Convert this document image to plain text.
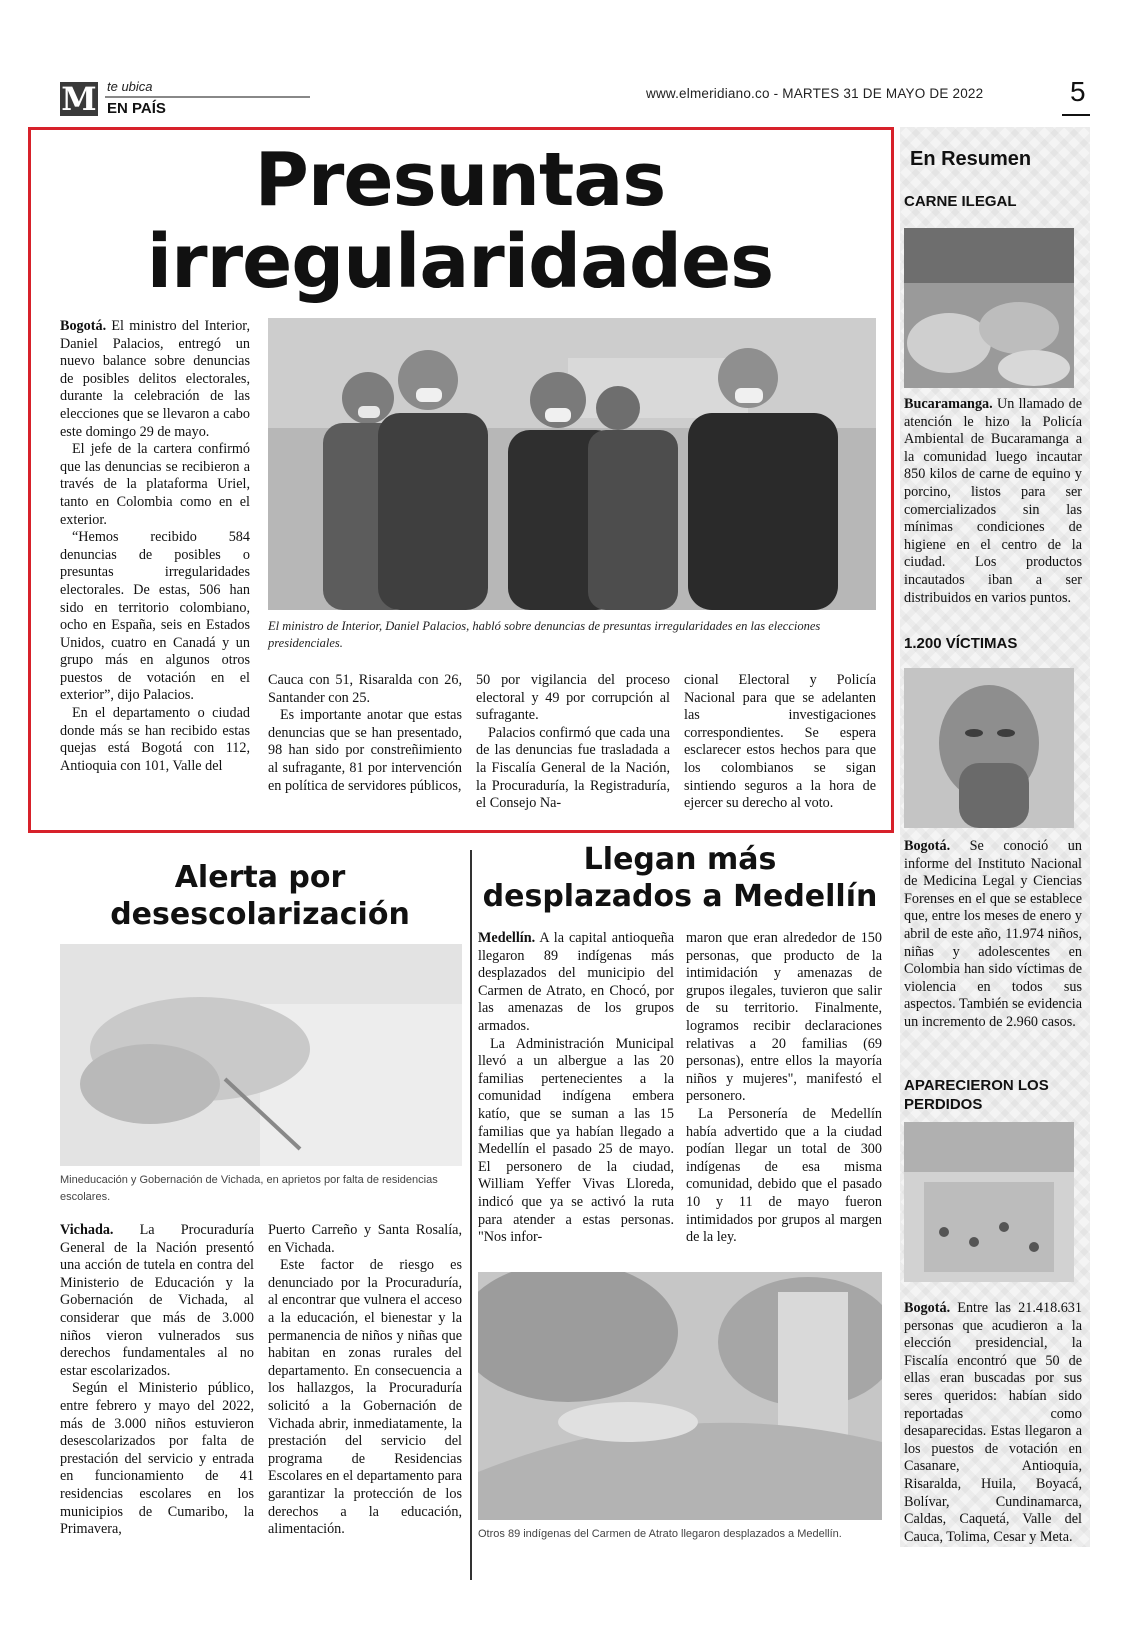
M te ubica
EN PAÍS
www.elmeridiano.co - MARTES 31 DE MAYO DE 2022	5
Presuntas
irregularidades

Bogotá. El ministro del Interior, Daniel Palacios, entregó un nuevo balance sobre denuncias de posibles delitos electorales, durante la celebración de las elecciones que se llevaron a cabo este domingo 29 de mayo.

El jefe de la cartera confirmó que las denuncias se recibieron a través de la plataforma Uriel, tanto en Colombia como en el exterior.

“Hemos recibido 584 denuncias de posibles o presuntas irregularidades electorales. De estas, 506 han sido en territorio colombiano, ocho en España, seis en Estados Unidos, cuatro en Canadá y un grupo más en algunos otros puestos de votación en el exterior”, dijo Palacios.

En el departamento o ciudad donde más se han recibido estas quejas está Bogotá con 112, Antioquia con 101, Valle del

El ministro de Interior, Daniel Palacios, habló sobre denuncias de presuntas irregularidades en las elecciones presidenciales.

Cauca con 51, Risaralda con 26, Santander con 25.

Es importante anotar que estas denuncias que se han presentado, 98 han sido por constreñimiento al sufragante, 81 por intervención en política de servidores públicos,

50 por vigilancia del proceso electoral y 49 por corrupción al sufragante.

Palacios confirmó que cada una de las denuncias fue trasladada a la Fiscalía General de la Nación, la Procuraduría, la Registraduría, el Consejo Na-

cional Electoral y Policía Nacional para que se adelanten las investigaciones correspondientes. Se espera esclarecer estos hechos para que los colombianos se sigan sintiendo seguros a la hora de ejercer su derecho al voto.

En Resumen
CARNE ILEGAL
Bucaramanga. Un llamado de atención le hizo la Policía Ambiental de Bucaramanga a la comunidad luego incautar 850 kilos de carne de equino y porcino, listos para ser comercializados sin las mínimas condiciones de higiene en el centro de la ciudad. Los productos incautados iban a ser distribuidos en varios puntos.
1.200 VÍCTIMAS
Bogotá. Se conoció un informe del Instituto Nacional de Medicina Legal y Ciencias Forenses en el que se establece que, entre los meses de enero y abril de este año, 11.974 niños, niñas y adolescentes en Colombia han sido víctimas de violencia en todos sus aspectos. También se evidencia un incremento de 2.960 casos.
APARECIERON LOS PERDIDOS
Bogotá. Entre las 21.418.631 personas que acudieron a la elección presidencial, la Fiscalía encontró que 50 de ellas eran buscadas por sus seres queridos: habían sido reportadas como desaparecidas. Estas llegaron a los puestos de votación en Casanare, Antioquia, Risaralda, Huila, Boyacá, Bolívar, Cundinamarca, Caldas, Caquetá, Valle del Cauca, Tolima, Cesar y Meta.
Alerta por
desescolarización
Mineducación y Gobernación de Vichada, en aprietos por falta de residencias escolares.

Vichada. La Procuraduría General de la Nación presentó una acción de tutela en contra del Ministerio de Educación y la Gobernación de Vichada, al considerar que más de 3.000 niños vieron vulnerados sus derechos fundamentales al no estar escolarizados.

Según el Ministerio público, entre febrero y mayo del 2022, más de 3.000 niños estuvieron desescolarizados por falta de prestación del servicio y entrada en funcionamiento de 41 residencias escolares en los municipios de Cumaribo, la Primavera,

Puerto Carreño y Santa Rosalía, en Vichada.

Este factor de riesgo es denunciado por la Procuraduría, al encontrar que vulnera el acceso a la educación, el bienestar y la permanencia de niños y niñas que habitan en zonas rurales del departamento. En consecuencia a los hallazgos, la Procuraduría solicitó a la Gobernación de Vichada abrir, inmediatamente, la prestación del servicio del programa de Residencias Escolares en el departamento para garantizar la protección de los derechos a la educación, alimentación.

Llegan más
desplazados a Medellín

Medellín. A la capital antioqueña llegaron 89 indígenas más desplazados del municipio del Carmen de Atrato, en Chocó, por las amenazas de los grupos armados.

La Administración Municipal llevó a un albergue a las 20 familias pertenecientes a la comunidad indígena embera katío, que se suman a las 15 familias que ya habían llegado a Medellín el pasado 25 de mayo. El personero de la ciudad, William Yeffer Vivas Lloreda, indicó que ya se activó la ruta para atender a estas personas. "Nos infor-

maron que eran alrededor de 150 personas, que producto de la intimidación y amenazas de grupos ilegales, tuvieron que salir de su territorio. Finalmente, logramos recibir declaraciones relativas a 20 familias (69 personas), entre ellos la mayoría niños y mujeres", manifestó el personero.

La Personería de Medellín había advertido que a la ciudad podían llegar un total de 300 indígenas de esa misma comunidad, debido que el pasado 10 y 11 de mayo fueron intimidados por grupos al margen de la ley.

Otros 89 indígenas del Carmen de Atrato llegaron desplazados a Medellín.
